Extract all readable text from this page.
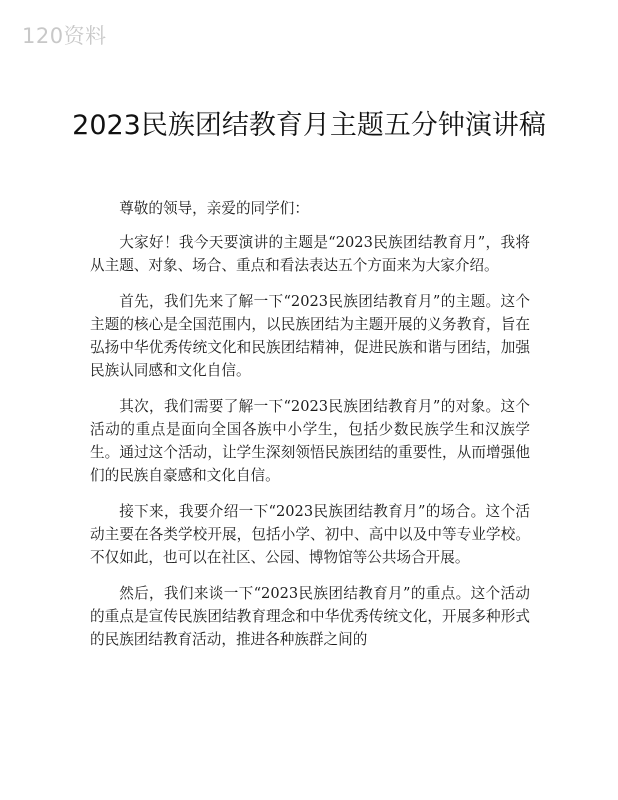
120资料
2023民族团结教育月主题五分钟演讲稿

尊敬的领导，亲爱的同学们：

大家好！我今天要演讲的主题是“2023民族团结教育月”，我将从主题、对象、场合、重点和看法表达五个方面来为大家介绍。

首先，我们先来了解一下“2023民族团结教育月”的主题。这个主题的核心是全国范围内，以民族团结为主题开展的义务教育，旨在弘扬中华优秀传统文化和民族团结精神，促进民族和谐与团结，加强民族认同感和文化自信。

其次，我们需要了解一下“2023民族团结教育月”的对象。这个活动的重点是面向全国各族中小学生，包括少数民族学生和汉族学生。通过这个活动，让学生深刻领悟民族团结的重要性，从而增强他们的民族自豪感和文化自信。

接下来，我要介绍一下“2023民族团结教育月”的场合。这个活动主要在各类学校开展，包括小学、初中、高中以及中等专业学校。不仅如此，也可以在社区、公园、博物馆等公共场合开展。

然后，我们来谈一下“2023民族团结教育月”的重点。这个活动的重点是宣传民族团结教育理念和中华优秀传统文化，开展多种形式的民族团结教育活动，推进各种族群之间的
